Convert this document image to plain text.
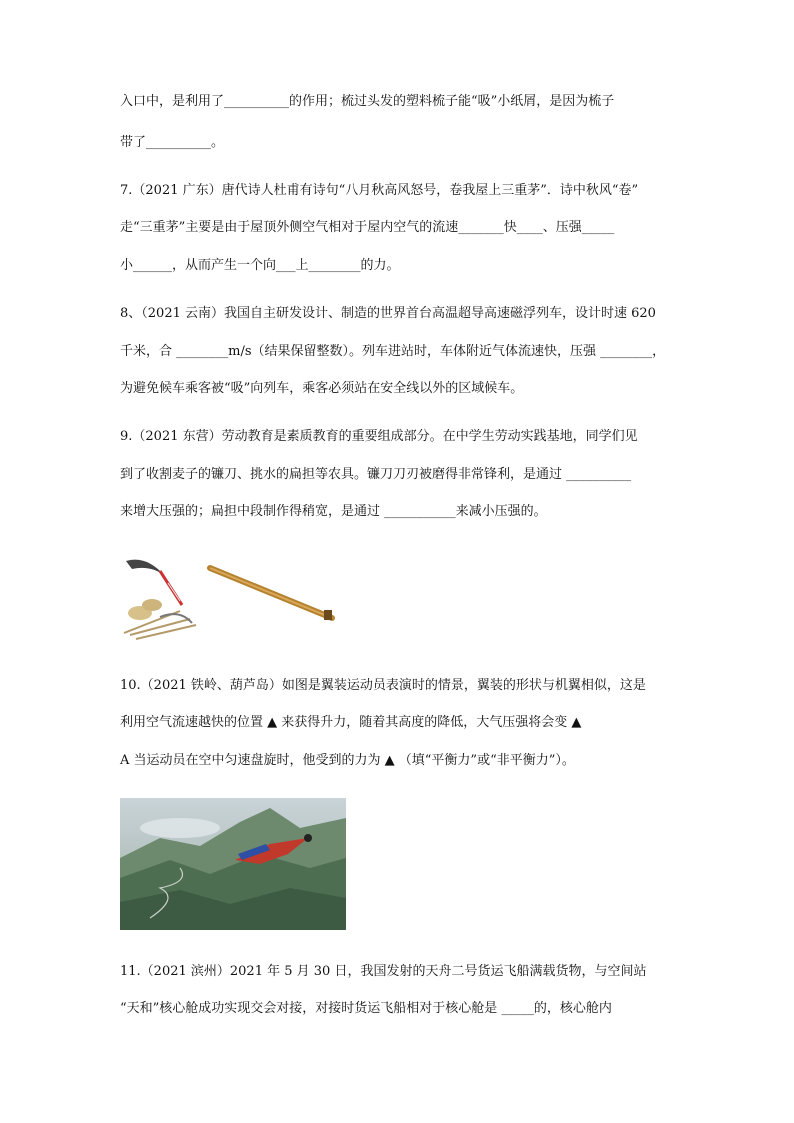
入口中，是利用了__________的作用；梳过头发的塑料梳子能“吸”小纸屑，是因为梳子
带了__________。
7.（2021 广东）唐代诗人杜甫有诗句“八月秋高风怒号，卷我屋上三重茅”．诗中秋风“卷”
走“三重茅”主要是由于屋顶外侧空气相对于屋内空气的流速_______快____、压强_____
小______，从而产生一个向___上________的力。
8、（2021 云南）我国自主研发设计、制造的世界首台高温超导高速磁浮列车，设计时速 620
千米，合 ________m/s（结果保留整数）。列车进站时，车体附近气体流速快，压强 ________，
为避免候车乘客被“吸”向列车，乘客必须站在安全线以外的区域候车。
9.（2021 东营）劳动教育是素质教育的重要组成部分。在中学生劳动实践基地，同学们见
到了收割麦子的镰刀、挑水的扁担等农具。镰刀刀刃被磨得非常锋利，是通过 __________
来增大压强的；扁担中段制作得稍宽，是通过 ___________来减小压强的。
10.（2021 铁岭、葫芦岛）如图是翼装运动员表演时的情景，翼装的形状与机翼相似，这是
利用空气流速越快的位置 ▲ 来获得升力，随着其高度的降低，大气压强将会变 ▲
A 当运动员在空中匀速盘旋时，他受到的力为 ▲ （填“平衡力”或“非平衡力”）。
11.（2021 滨州）2021 年 5 月 30 日，我国发射的天舟二号货运飞船满载货物，与空间站
“天和”核心舱成功实现交会对接，对接时货运飞船相对于核心舱是 _____的，核心舱内
